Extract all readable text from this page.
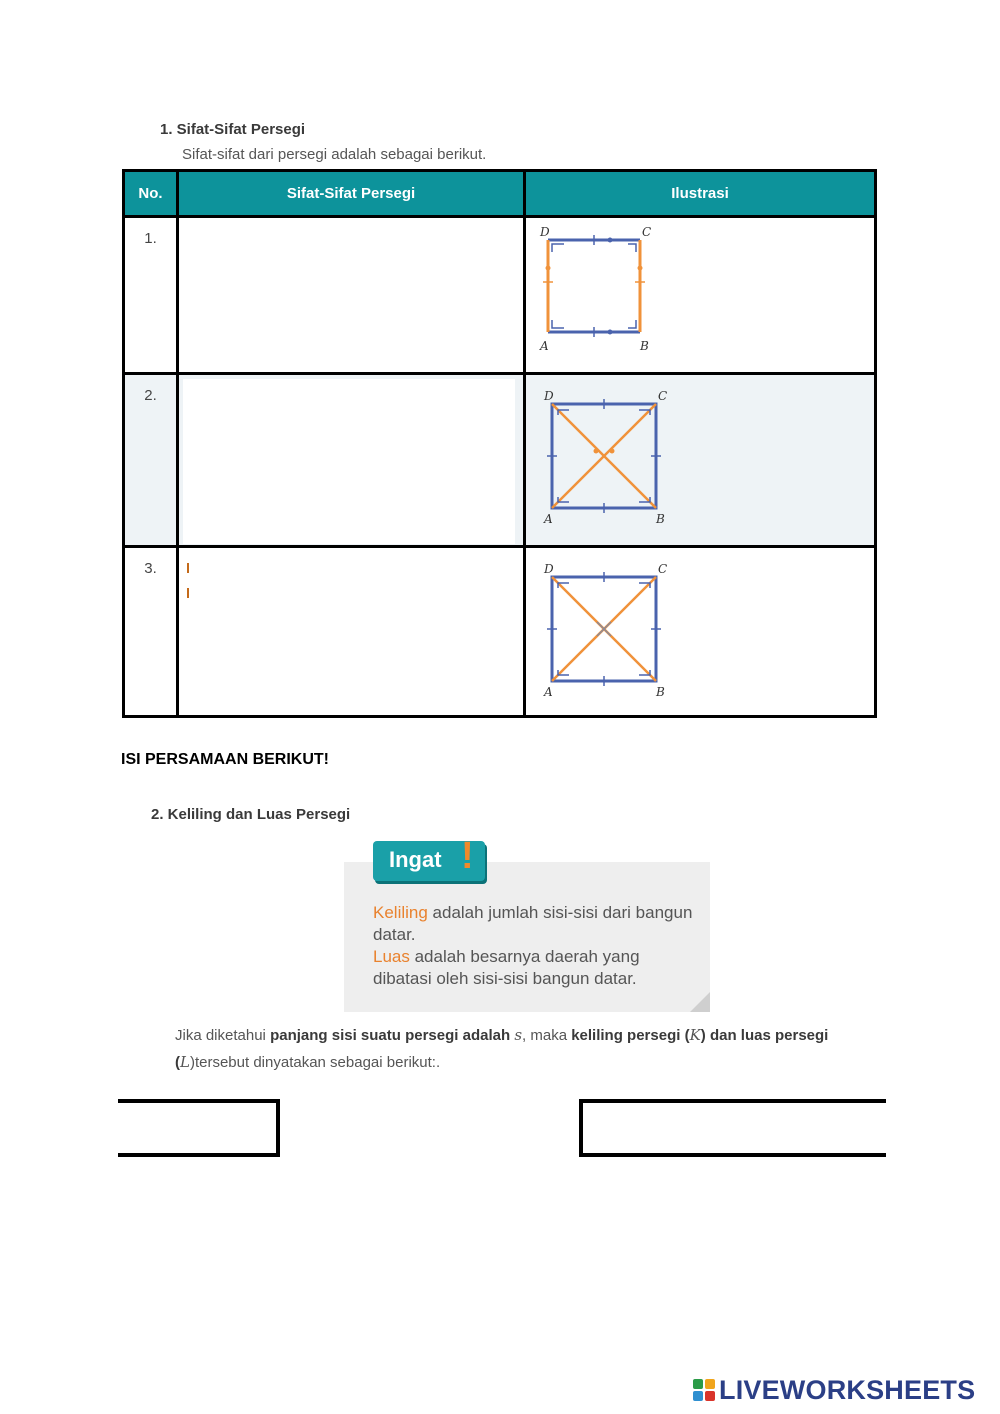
1. Sifat-Sifat Persegi
Sifat-sifat dari persegi adalah sebagai berikut.
No.	Sifat-Sifat Persegi	Ilustrasi
1.		D C
A B

2.		D C
A B

3.		D C
A B
ISI PERSAMAAN BERIKUT!
2. Keliling dan Luas Persegi
Ingat !
Keliling adalah jumlah sisi-sisi dari bangun datar.
Luas adalah besarnya daerah yang dibatasi oleh sisi-sisi bangun datar.
Jika diketahui panjang sisi suatu persegi adalah s, maka keliling persegi (K) dan luas persegi (L)tersebut dinyatakan sebagai berikut:.
LIVEWORKSHEETS
